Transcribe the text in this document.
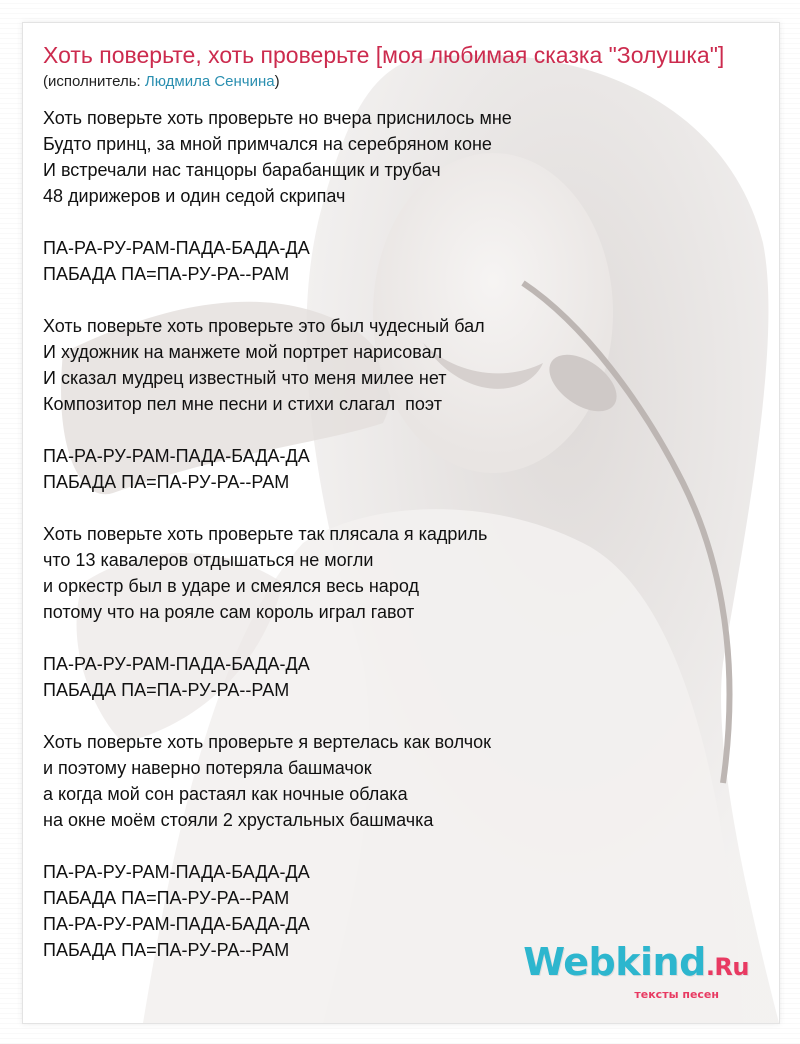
Хоть поверьте, хоть проверьте [моя любимая сказка "Золушка"]
(исполнитель: Людмила Сенчина)
Хоть поверьте хоть проверьте но вчера приснилось мне
Будто принц, за мной примчался на серебряном коне
И встречали нас танцоры барабанщик и трубач
48 дирижеров и один седой скрипач
ПА-РА-РУ-РАМ-ПАДА-БАДА-ДА
ПАБАДА ПА=ПА-РУ-РА--РАМ
Хоть поверьте хоть проверьте это был чудесный бал
И художник на манжете мой портрет нарисовал
И сказал мудрец известный что меня милее нет
Композитор пел мне песни и стихи слагал  поэт
ПА-РА-РУ-РАМ-ПАДА-БАДА-ДА
ПАБАДА ПА=ПА-РУ-РА--РАМ
Хоть поверьте хоть проверьте так плясала я кадриль
что 13 кавалеров отдышаться не могли
и оркестр был в ударе и смеялся весь народ
потому что на рояле сам король играл гавот
ПА-РА-РУ-РАМ-ПАДА-БАДА-ДА
ПАБАДА ПА=ПА-РУ-РА--РАМ
Хоть поверьте хоть проверьте я вертелась как волчок
и поэтому наверно потеряла башмачок
а когда мой сон растаял как ночные облака
на окне моём стояли 2 хрустальных башмачка
ПА-РА-РУ-РАМ-ПАДА-БАДА-ДА
ПАБАДА ПА=ПА-РУ-РА--РАМ
ПА-РА-РУ-РАМ-ПАДА-БАДА-ДА
ПАБАДА ПА=ПА-РУ-РА--РАМ	Webkind.Ru
тексты песен
